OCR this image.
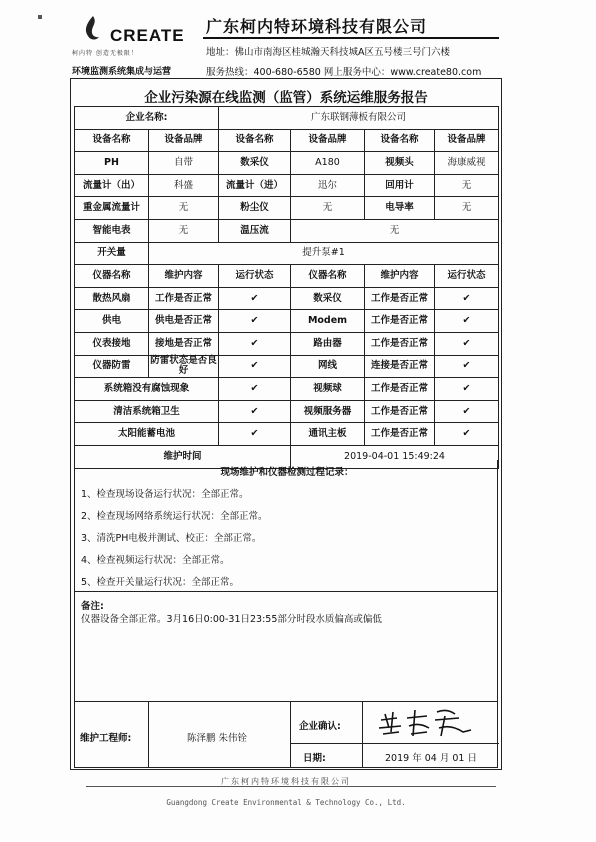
CREATE
柯内特 创造无极限！
广东柯内特环境科技有限公司
地址：佛山市南海区桂城瀚天科技城A区五号楼三号门六楼
服务热线：400-680-6580 网上服务中心：www.create80.com
环境监测系统集成与运营
企业污染源在线监测（监管）系统运维服务报告
企业名称:		广东联钢薄板有限公司			
设备名称	设备品牌	设备名称	设备品牌	设备名称	设备品牌
PH	自带	数采仪	A180	视频头	海康威视
流量计（出）	科盛	流量计（进）	迅尔	回用计	无
重金属流量计	无	粉尘仪	无	电导率	无
智能电表	无	温压流	无		
开关量	提升泵#1				
仪器名称	维护内容	运行状态	仪器名称	维护内容	运行状态
散热风扇	工作是否正常	✔	数采仪	工作是否正常	✔
供电	供电是否正常	✔	Modem	工作是否正常	✔
仪表接地	接地是否正常	✔	路由器	工作是否正常	✔
仪器防雷	防雷状态是否良好	✔	网线	连接是否正常	✔
系统箱没有腐蚀现象		✔	视频球	工作是否正常	✔
清洁系统箱卫生		✔	视频服务器	工作是否正常	✔
太阳能蓄电池		✔	通讯主板	工作是否正常	✔
维护时间			2019-04-01 15:49:24		
现场维护和仪器检测过程记录：
1、检查现场设备运行状况：全部正常。
2、检查现场网络系统运行状况：全部正常。
3、清洗PH电极并测试、校正：全部正常。
4、检查视频运行状况：全部正常。
5、检查开关量运行状况：全部正常。
备注:
仪器设备全部正常。3月16日0:00-31日23:55部分时段水质偏高或偏低
维护工程师:	陈泽鹏 朱伟铨
企业确认:
日期:	2019 年 04 月 01 日
广东柯内特环境科技有限公司
Guangdong Create Environmental & Technology Co., Ltd.
